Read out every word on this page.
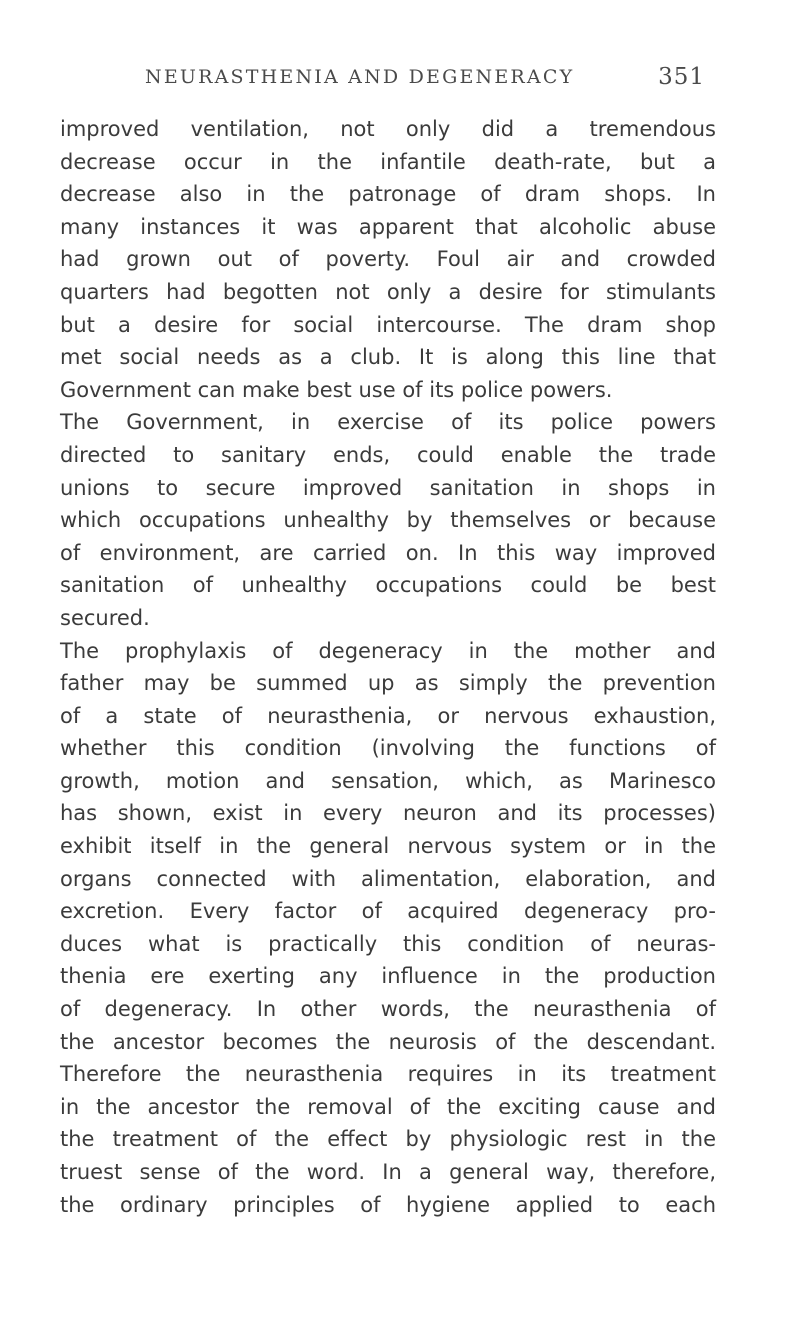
NEURASTHENIA AND DEGENERACY	351
improved ventilation, not only did a tremendous
decrease occur in the infantile death-rate, but a
decrease also in the patronage of dram shops. In
many instances it was apparent that alcoholic abuse
had grown out of poverty. Foul air and crowded
quarters had begotten not only a desire for stimulants
but a desire for social intercourse. The dram shop
met social needs as a club. It is along this line that
Government can make best use of its police powers.
The Government, in exercise of its police powers
directed to sanitary ends, could enable the trade
unions to secure improved sanitation in shops in
which occupations unhealthy by themselves or because
of environment, are carried on. In this way improved
sanitation of unhealthy occupations could be best
secured.
The prophylaxis of degeneracy in the mother and
father may be summed up as simply the prevention
of a state of neurasthenia, or nervous exhaustion,
whether this condition (involving the functions of
growth, motion and sensation, which, as Marinesco
has shown, exist in every neuron and its processes)
exhibit itself in the general nervous system or in the
organs connected with alimentation, elaboration, and
excretion. Every factor of acquired degeneracy pro-
duces what is practically this condition of neuras-
thenia ere exerting any influence in the production
of degeneracy. In other words, the neurasthenia of
the ancestor becomes the neurosis of the descendant.
Therefore the neurasthenia requires in its treatment
in the ancestor the removal of the exciting cause and
the treatment of the effect by physiologic rest in the
truest sense of the word. In a general way, therefore,
the ordinary principles of hygiene applied to each
